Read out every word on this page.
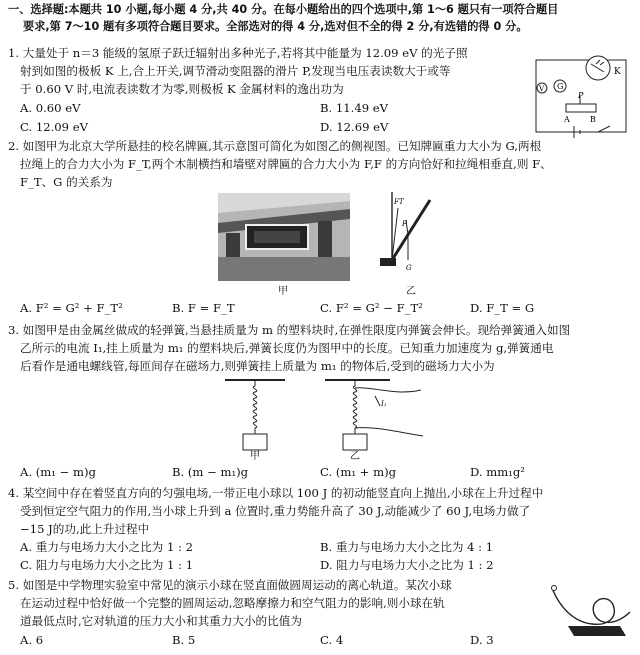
一、选择题:本题共 10 小题,每小题 4 分,共 40 分。在每小题给出的四个选项中,第 1～6 题只有一项符合题目
要求,第 7～10 题有多项符合题目要求。全部选对的得 4 分,选对但不全的得 2 分,有选错的得 0 分。
1. 大量处于 n＝3 能级的氢原子跃迁辐射出多种光子,若将其中能量为 12.09 eV 的光子照
射到如图的极板 K 上,合上开关,调节滑动变阻器的滑片 P,发现当电压表读数大于或等
于 0.60 V 时,电流表读数才为零,则极板 K 金属材料的逸出功为
A. 0.60 eV	B. 11.49 eV
C. 12.09 eV	D. 12.69 eV
K
G
V
P
A	B
2. 如图甲为北京大学所悬挂的校名牌匾,其示意图可简化为如图乙的侧视图。已知牌匾重力大小为 G,两根
拉绳上的合力大小为 F_T,两个木制横挡和墙壁对牌匾的合力大小为 F,F 的方向恰好和拉绳相垂直,则 F、
F_T、G 的关系为
甲
FT
F
G
乙
A. F² = G² + F_T²	B. F = F_T	C. F² = G² − F_T²	D. F_T = G
3. 如图甲是由金属丝做成的轻弹簧,当悬挂质量为 m 的塑料块时,在弹性限度内弹簧会伸长。现给弹簧通入如图
乙所示的电流 I₁,挂上质量为 m₁ 的塑料块后,弹簧长度仍为图甲中的长度。已知重力加速度为 g,弹簧通电
后看作是通电螺线管,每匝间存在磁场力,则弹簧挂上质量为 m₁ 的物体后,受到的磁场力大小为
I₁
甲	乙
A. (m₁ − m)g	B. (m − m₁)g	C. (m₁ + m)g	D. mm₁g²
4. 某空间中存在着竖直方向的匀强电场,一带正电小球以 100 J 的初动能竖直向上抛出,小球在上升过程中
受到恒定空气阻力的作用,当小球上升到 a 位置时,重力势能升高了 30 J,动能减少了 60 J,电场力做了
−15 J的功,此上升过程中
A. 重力与电场力大小之比为 1 : 2	B. 重力与电场力大小之比为 4 : 1
C. 阻力与电场力大小之比为 1 : 1	D. 阻力与电场力大小之比为 1 : 2
5. 如图是中学物理实验室中常见的演示小球在竖直面做圆周运动的离心轨道。某次小球
在运动过程中恰好做一个完整的圆周运动,忽略摩擦力和空气阻力的影响,则小球在轨
道最低点时,它对轨道的压力大小和其重力大小的比值为
A. 6	B. 5	C. 4	D. 3
